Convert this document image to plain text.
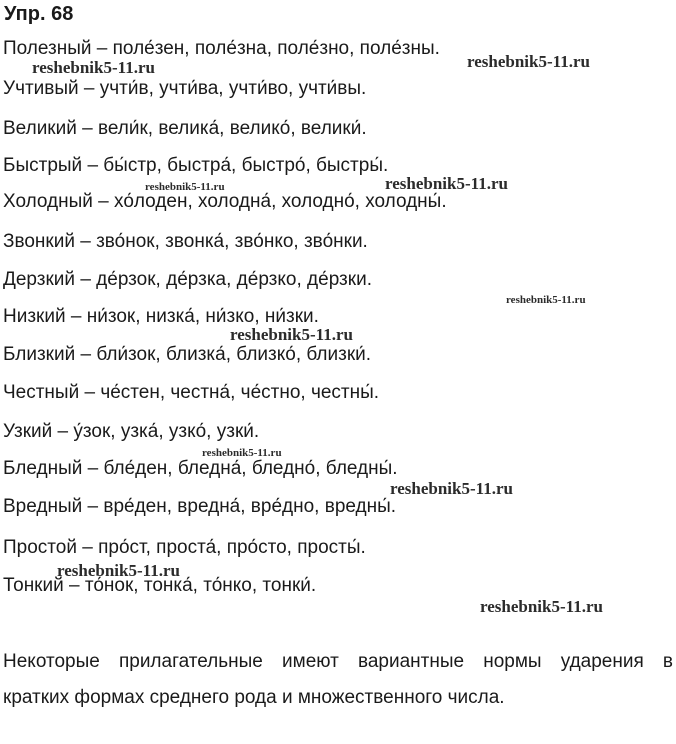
Упр. 68
Полезный – поле́зен, поле́зна, поле́зно, поле́зны.
Учтивый – учти́в, учти́ва, учти́во, учти́вы.
Великий – вели́к, велика́, велико́, велики́.
Быстрый – бы́стр, быстра́, быстро́, быстры́.
Холодный – хо́лоден, холодна́, холодно́, холодны́.
Звонкий – зво́нок, звонка́, зво́нко, зво́нки.
Дерзкий – де́рзок, де́рзка, де́рзко, де́рзки.
Низкий – ни́зок, низка́, ни́зко, ни́зки.
Близкий – бли́зок, близка́, близко́, близки́.
Честный – че́стен, честна́, че́стно, честны́.
Узкий – у́зок, узка́, узко́, узки́.
Бледный – бле́ден, бледна́, бледно́, бледны́.
Вредный – вре́ден, вредна́, вре́дно, вредны́.
Простой – про́ст, проста́, про́сто, просты́.
Тонкий – то́нок, тонка́, то́нко, тонки́.
Некоторые прилагательные имеют вариантные нормы ударения в
кратких формах среднего рода и множественного числа.
reshebnik5-11.ru	reshebnik5-11.ru
reshebnik5-11.ru	reshebnik5-11.ru
reshebnik5-11.ru
reshebnik5-11.ru
reshebnik5-11.ru
reshebnik5-11.ru
reshebnik5-11.ru
reshebnik5-11.ru
